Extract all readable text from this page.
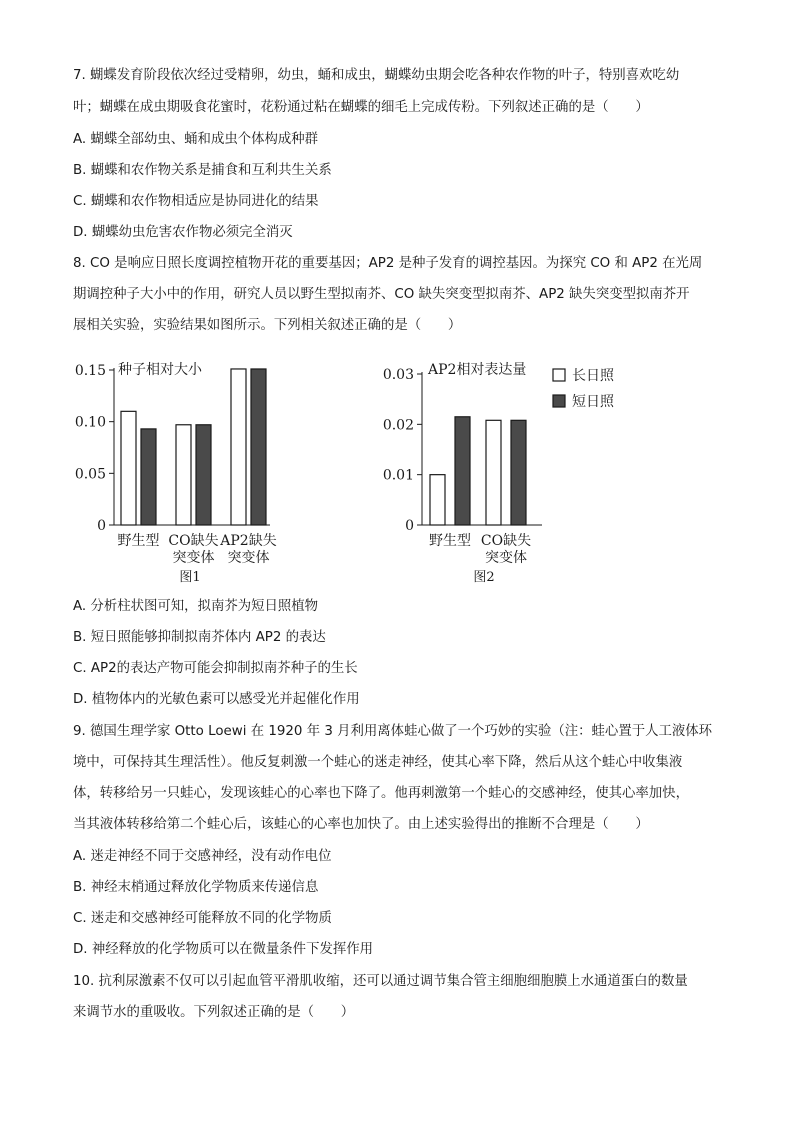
7. 蝴蝶发育阶段依次经过受精卵，幼虫，蛹和成虫，蝴蝶幼虫期会吃各种农作物的叶子，特别喜欢吃幼
叶；蝴蝶在成虫期吸食花蜜时，花粉通过粘在蝴蝶的细毛上完成传粉。下列叙述正确的是（　　）
A. 蝴蝶全部幼虫、蛹和成虫个体构成种群
B. 蝴蝶和农作物关系是捕食和互利共生关系
C. 蝴蝶和农作物相适应是协同进化的结果
D. 蝴蝶幼虫危害农作物必须完全消灭
8. CO 是响应日照长度调控植物开花的重要基因；AP2 是种子发育的调控基因。为探究 CO 和 AP2 在光周
期调控种子大小中的作用，研究人员以野生型拟南芥、CO 缺失突变型拟南芥、AP2 缺失突变型拟南芥开
展相关实验，实验结果如图所示。下列相关叙述正确的是（　　）
种子相对大小
0
0.05
0.10
0.15
野生型 CO缺失
突变体
AP2缺失
突变体
图1
AP2相对表达量
0
0.01
0.02
0.03
野生型 CO缺失
突变体
图2
长日照
短日照
A. 分析柱状图可知，拟南芥为短日照植物
B. 短日照能够抑制拟南芥体内 AP2 的表达
C. AP2的表达产物可能会抑制拟南芥种子的生长
D. 植物体内的光敏色素可以感受光并起催化作用
9. 德国生理学家 Otto Loewi 在 1920 年 3 月利用离体蛙心做了一个巧妙的实验（注：蛙心置于人工液体环
境中，可保持其生理活性）。他反复刺激一个蛙心的迷走神经，使其心率下降，然后从这个蛙心中收集液
体，转移给另一只蛙心，发现该蛙心的心率也下降了。他再刺激第一个蛙心的交感神经，使其心率加快，
当其液体转移给第二个蛙心后，该蛙心的心率也加快了。由上述实验得出的推断不合理是（　　）
A. 迷走神经不同于交感神经，没有动作电位
B. 神经末梢通过释放化学物质来传递信息
C. 迷走和交感神经可能释放不同的化学物质
D. 神经释放的化学物质可以在微量条件下发挥作用
10. 抗利尿激素不仅可以引起血管平滑肌收缩，还可以通过调节集合管主细胞细胞膜上水通道蛋白的数量
来调节水的重吸收。下列叙述正确的是（　　）
